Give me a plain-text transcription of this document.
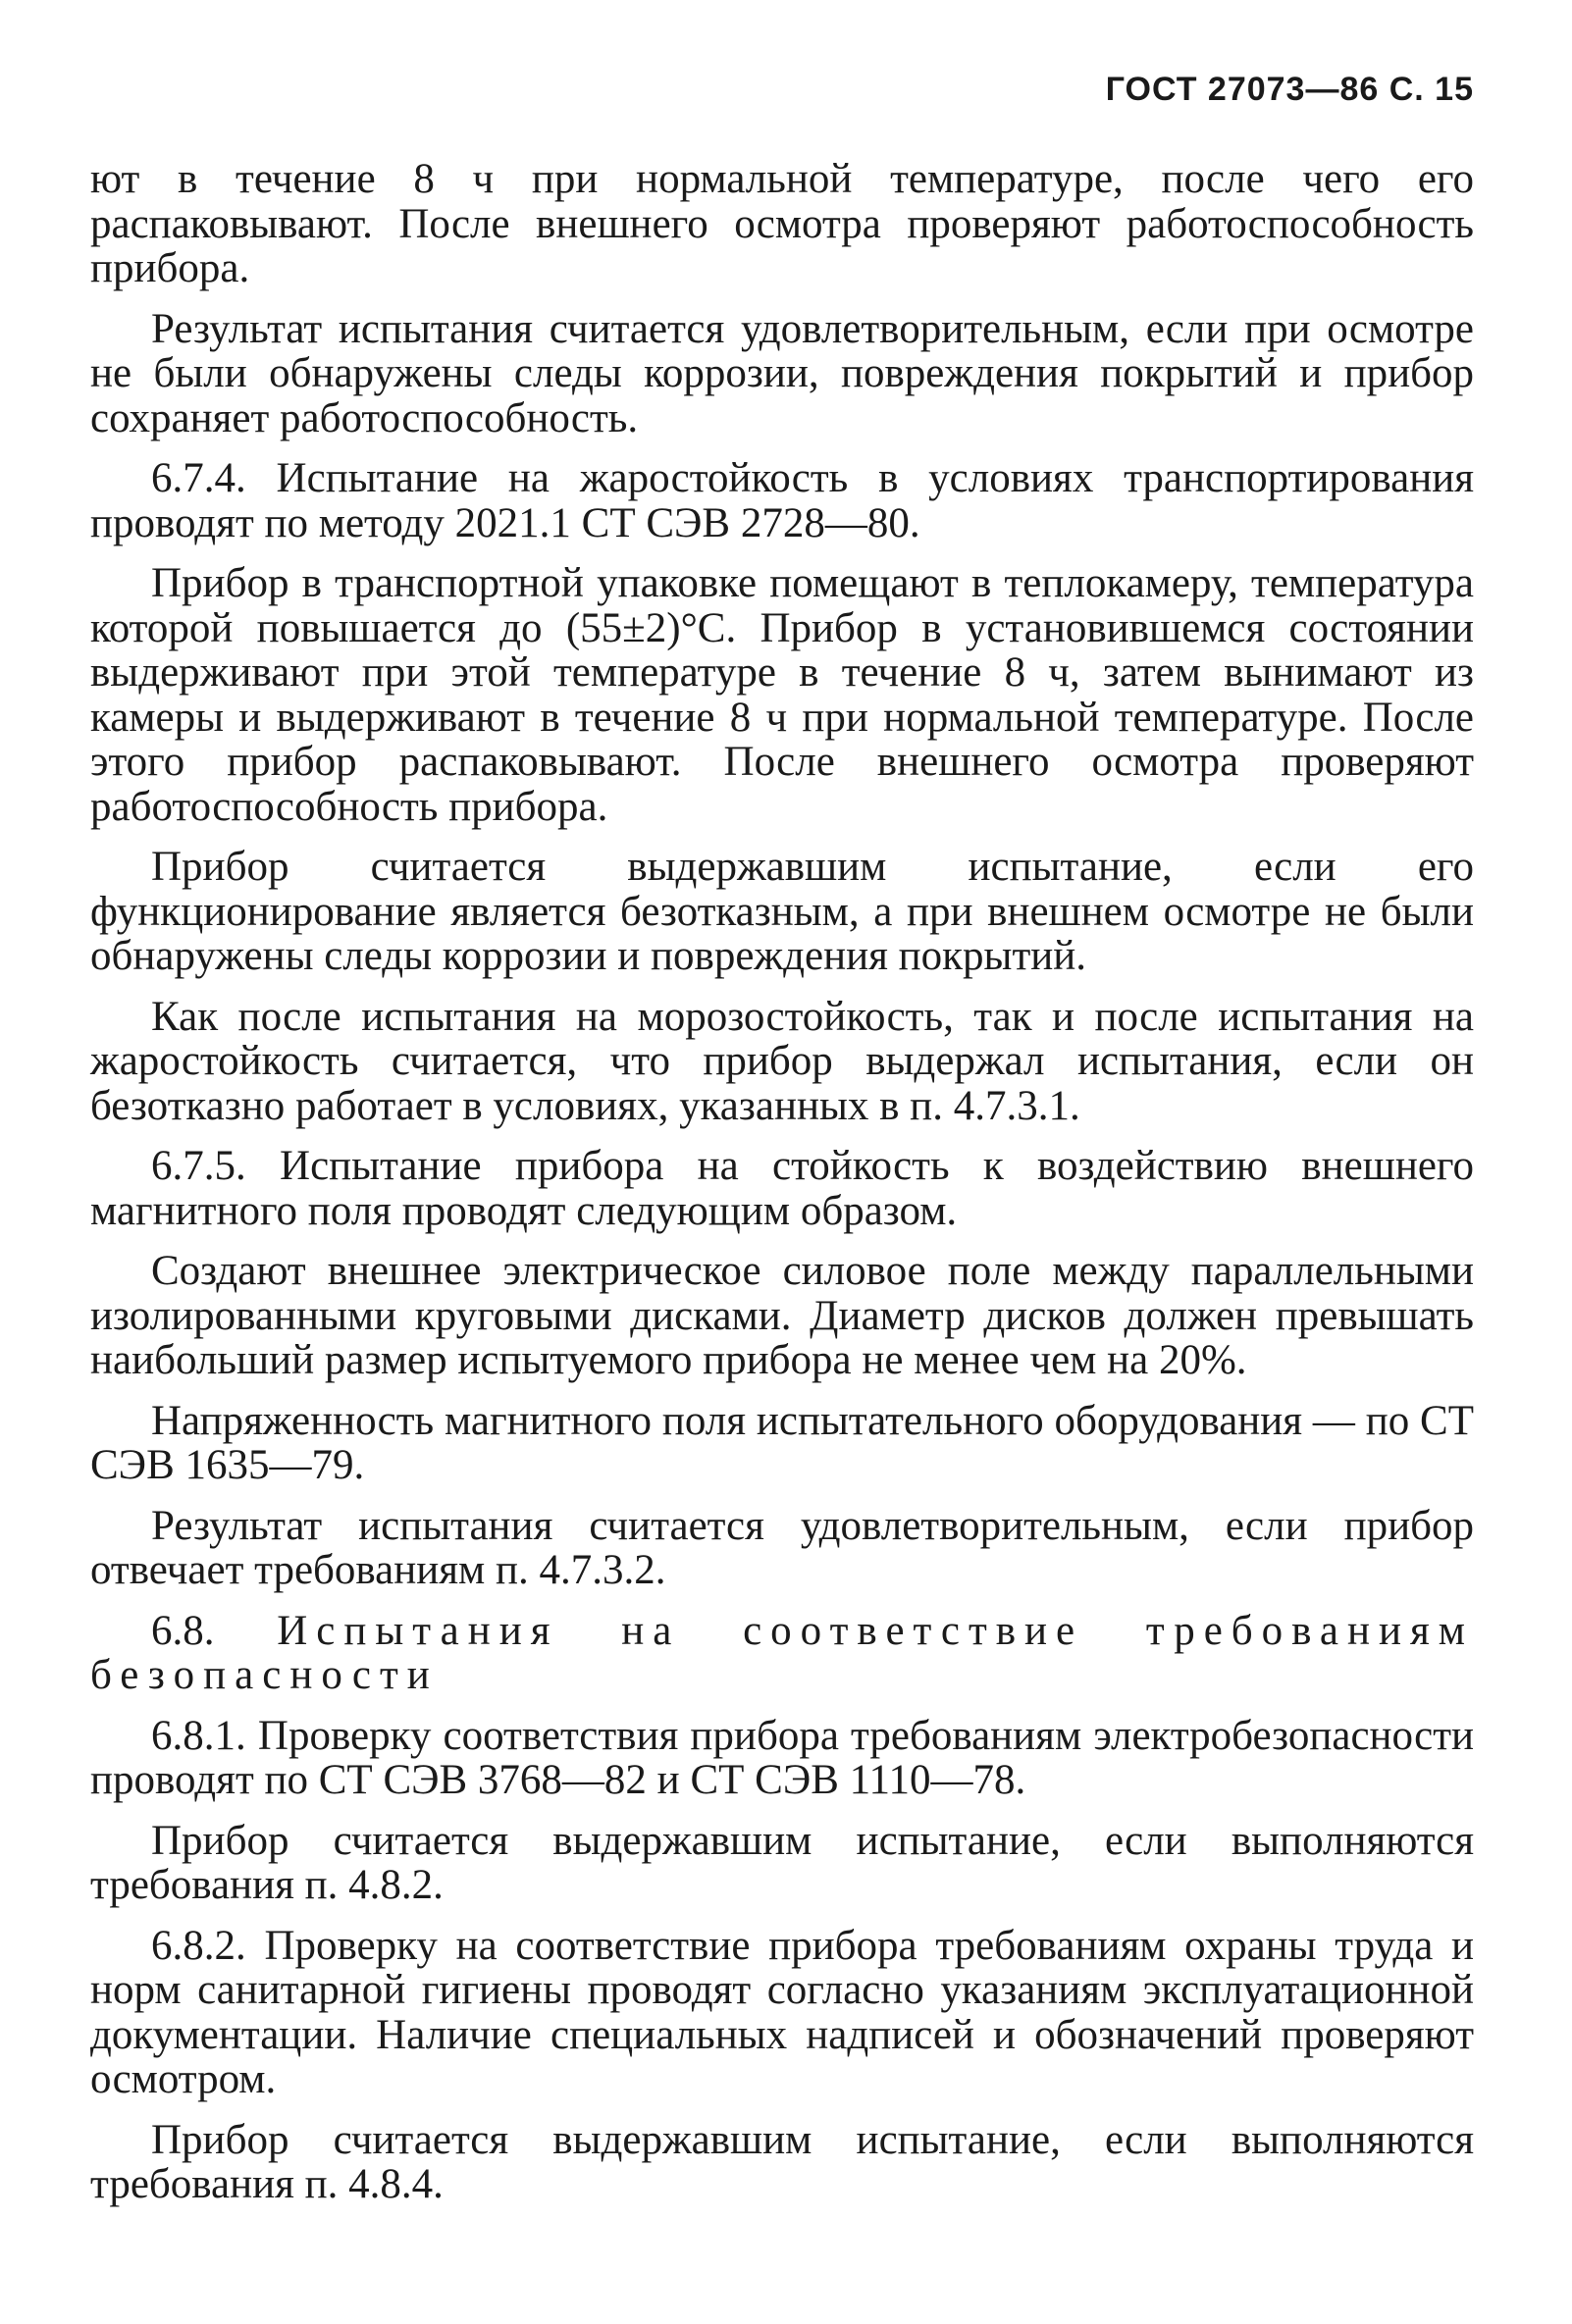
ГОСТ 27073—86 С. 15

ют в течение 8 ч при нормальной температуре, после чего его распаковывают. После внешнего осмотра проверяют работоспособность прибора.

Результат испытания считается удовлетворительным, если при осмотре не были обнаружены следы коррозии, повреждения покрытий и прибор сохраняет работоспособность.

6.7.4. Испытание на жаростойкость в условиях транспортирования проводят по методу 2021.1 СТ СЭВ 2728—80.

Прибор в транспортной упаковке помещают в теплокамеру, температура которой повышается до (55±2)°С. Прибор в установившемся состоянии выдерживают при этой температуре в течение 8 ч, затем вынимают из камеры и выдерживают в течение 8 ч при нормальной температуре. После этого прибор распаковывают. После внешнего осмотра проверяют работоспособность прибора.

Прибор считается выдержавшим испытание, если его функционирование является безотказным, а при внешнем осмотре не были обнаружены следы коррозии и повреждения покрытий.

Как после испытания на морозостойкость, так и после испытания на жаростойкость считается, что прибор выдержал испытания, если он безотказно работает в условиях, указанных в п. 4.7.3.1.

6.7.5. Испытание прибора на стойкость к воздействию внешнего магнитного поля проводят следующим образом.

Создают внешнее электрическое силовое поле между параллельными изолированными круговыми дисками. Диаметр дисков должен превышать наибольший размер испытуемого прибора не менее чем на 20%.

Напряженность магнитного поля испытательного оборудования — по СТ СЭВ 1635—79.

Результат испытания считается удовлетворительным, если прибор отвечает требованиям п. 4.7.3.2.

6.8. Испытания на соответствие требованиям безопасности

6.8.1. Проверку соответствия прибора требованиям электробезопасности проводят по СТ СЭВ 3768—82 и СТ СЭВ 1110—78.

Прибор считается выдержавшим испытание, если выполняются требования п. 4.8.2.

6.8.2. Проверку на соответствие прибора требованиям охраны труда и норм санитарной гигиены проводят согласно указаниям эксплуатационной документации. Наличие специальных надписей и обозначений проверяют осмотром.

Прибор считается выдержавшим испытание, если выполняются требования п. 4.8.4.
